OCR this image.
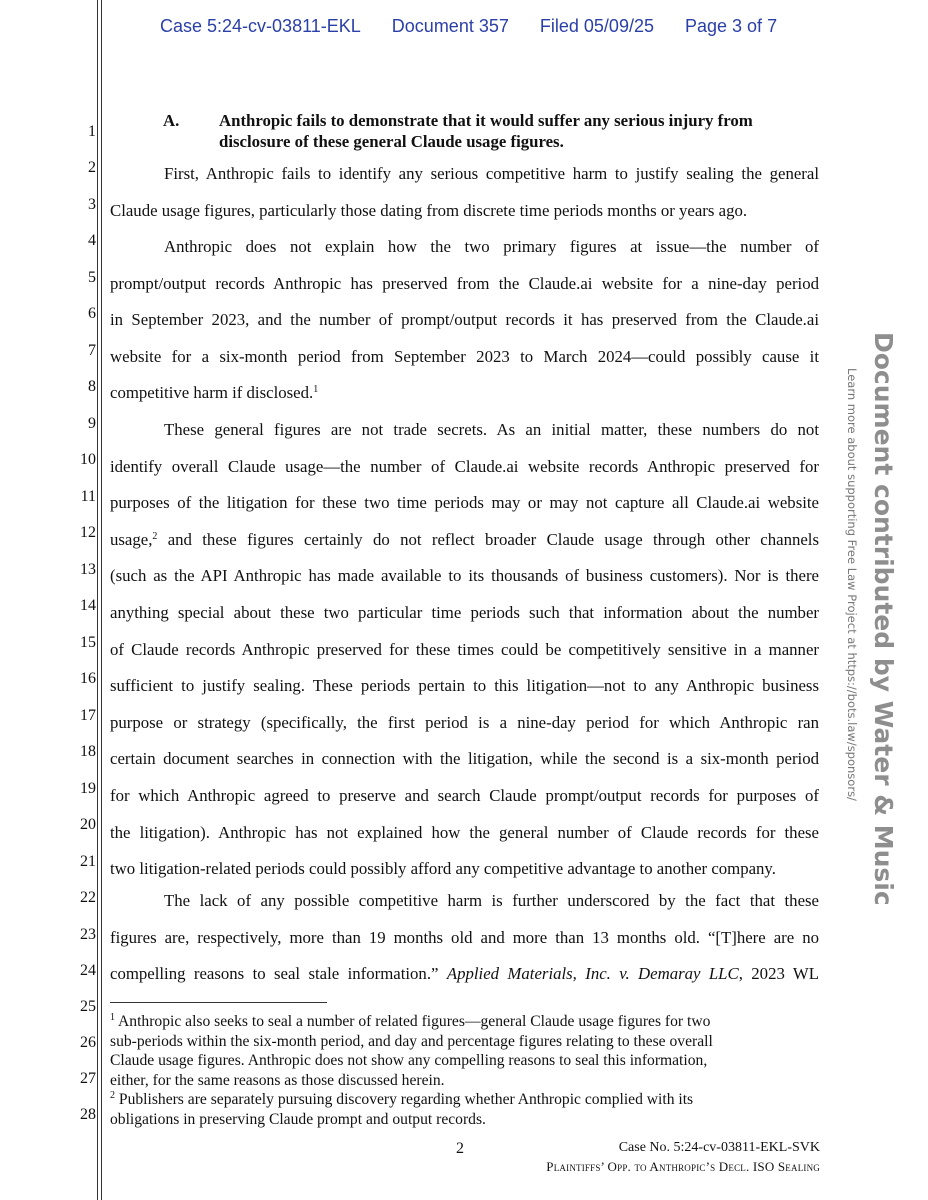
Case 5:24-cv-03811-EKL Document 357 Filed 05/09/25 Page 3 of 7
1
2
3
4
5
6
7
8
9
10
11
12
13
14
15
16
17
18
19
20
21
22
23
24
25
26
27
28
A. Anthropic fails to demonstrate that it would suffer any serious injury from disclosure of these general Claude usage figures.
First, Anthropic fails to identify any serious competitive harm to justify sealing the general
Claude usage figures, particularly those dating from discrete time periods months or years ago.
Anthropic does not explain how the two primary figures at issue—the number of
prompt/output records Anthropic has preserved from the Claude.ai website for a nine-day period
in September 2023, and the number of prompt/output records it has preserved from the Claude.ai
website for a six-month period from September 2023 to March 2024—could possibly cause it
competitive harm if disclosed.$^1$
These general figures are not trade secrets. As an initial matter, these numbers do not
identify overall Claude usage—the number of Claude.ai website records Anthropic preserved for
purposes of the litigation for these two time periods may or may not capture all Claude.ai website
usage,$^2$ and these figures certainly do not reflect broader Claude usage through other channels
(such as the API Anthropic has made available to its thousands of business customers). Nor is there
anything special about these two particular time periods such that information about the number
of Claude records Anthropic preserved for these times could be competitively sensitive in a manner
sufficient to justify sealing. These periods pertain to this litigation—not to any Anthropic business
purpose or strategy (specifically, the first period is a nine-day period for which Anthropic ran
certain document searches in connection with the litigation, while the second is a six-month period
for which Anthropic agreed to preserve and search Claude prompt/output records for purposes of
the litigation). Anthropic has not explained how the general number of Claude records for these
two litigation-related periods could possibly afford any competitive advantage to another company.
The lack of any possible competitive harm is further underscored by the fact that these
figures are, respectively, more than 19 months old and more than 13 months old. “[T]here are no
compelling reasons to seal stale information.” Applied Materials, Inc. v. Demaray LLC, 2023 WL
$^1$ Anthropic also seeks to seal a number of related figures—general Claude usage figures for two
sub-periods within the six-month period, and day and percentage figures relating to these overall
Claude usage figures. Anthropic does not show any compelling reasons to seal this information,
either, for the same reasons as those discussed herein.
$^2$ Publishers are separately pursuing discovery regarding whether Anthropic complied with its
obligations in preserving Claude prompt and output records.
2	Case No. 5:24-cv-03811-EKL-SVK
Plaintiffs’ Opp. to Anthropic’s Decl. ISO Sealing
Document contributed by Water & Music
Learn more about supporting Free Law Project at https://bots.law/sponsors/
